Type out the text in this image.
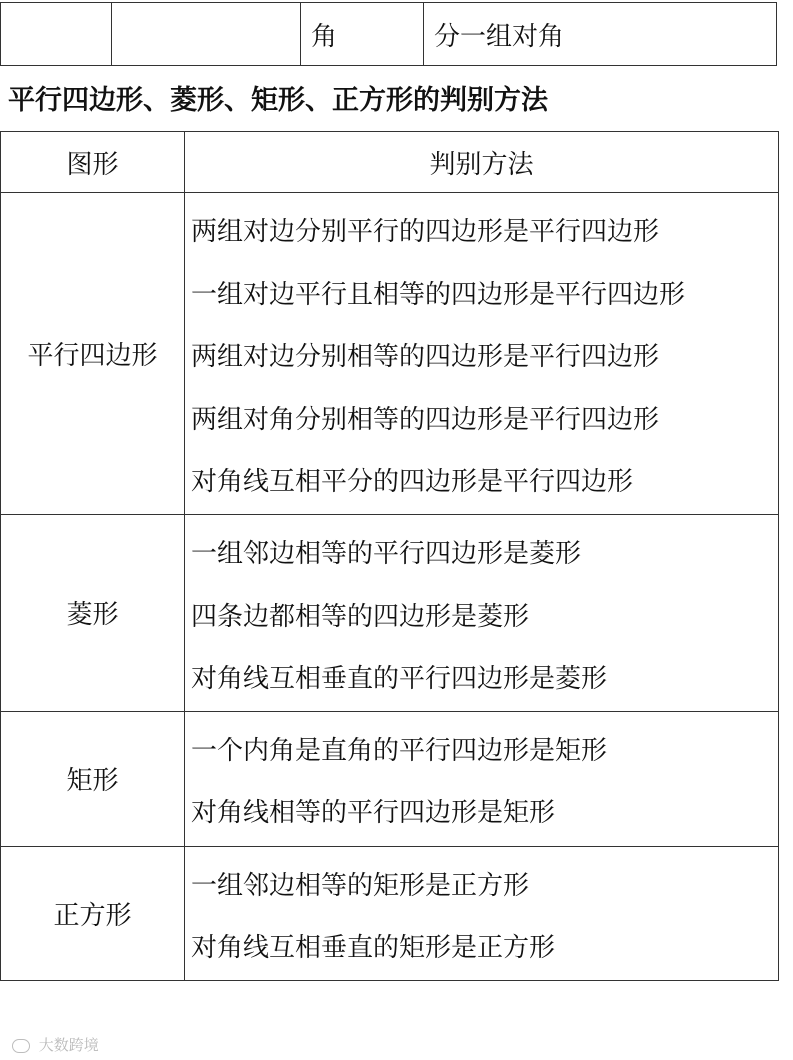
		角	分一组对角
平行四边形、菱形、矩形、正方形的判别方法
图形	判别方法
平行四边形	两组对边分别平行的四边形是平行四边形
一组对边平行且相等的四边形是平行四边形
两组对边分别相等的四边形是平行四边形
两组对角分别相等的四边形是平行四边形
对角线互相平分的四边形是平行四边形

菱形	一组邻边相等的平行四边形是菱形
四条边都相等的四边形是菱形
对角线互相垂直的平行四边形是菱形

矩形	一个内角是直角的平行四边形是矩形
对角线相等的平行四边形是矩形

正方形	一组邻边相等的矩形是正方形
对角线互相垂直的矩形是正方形
大数跨境
